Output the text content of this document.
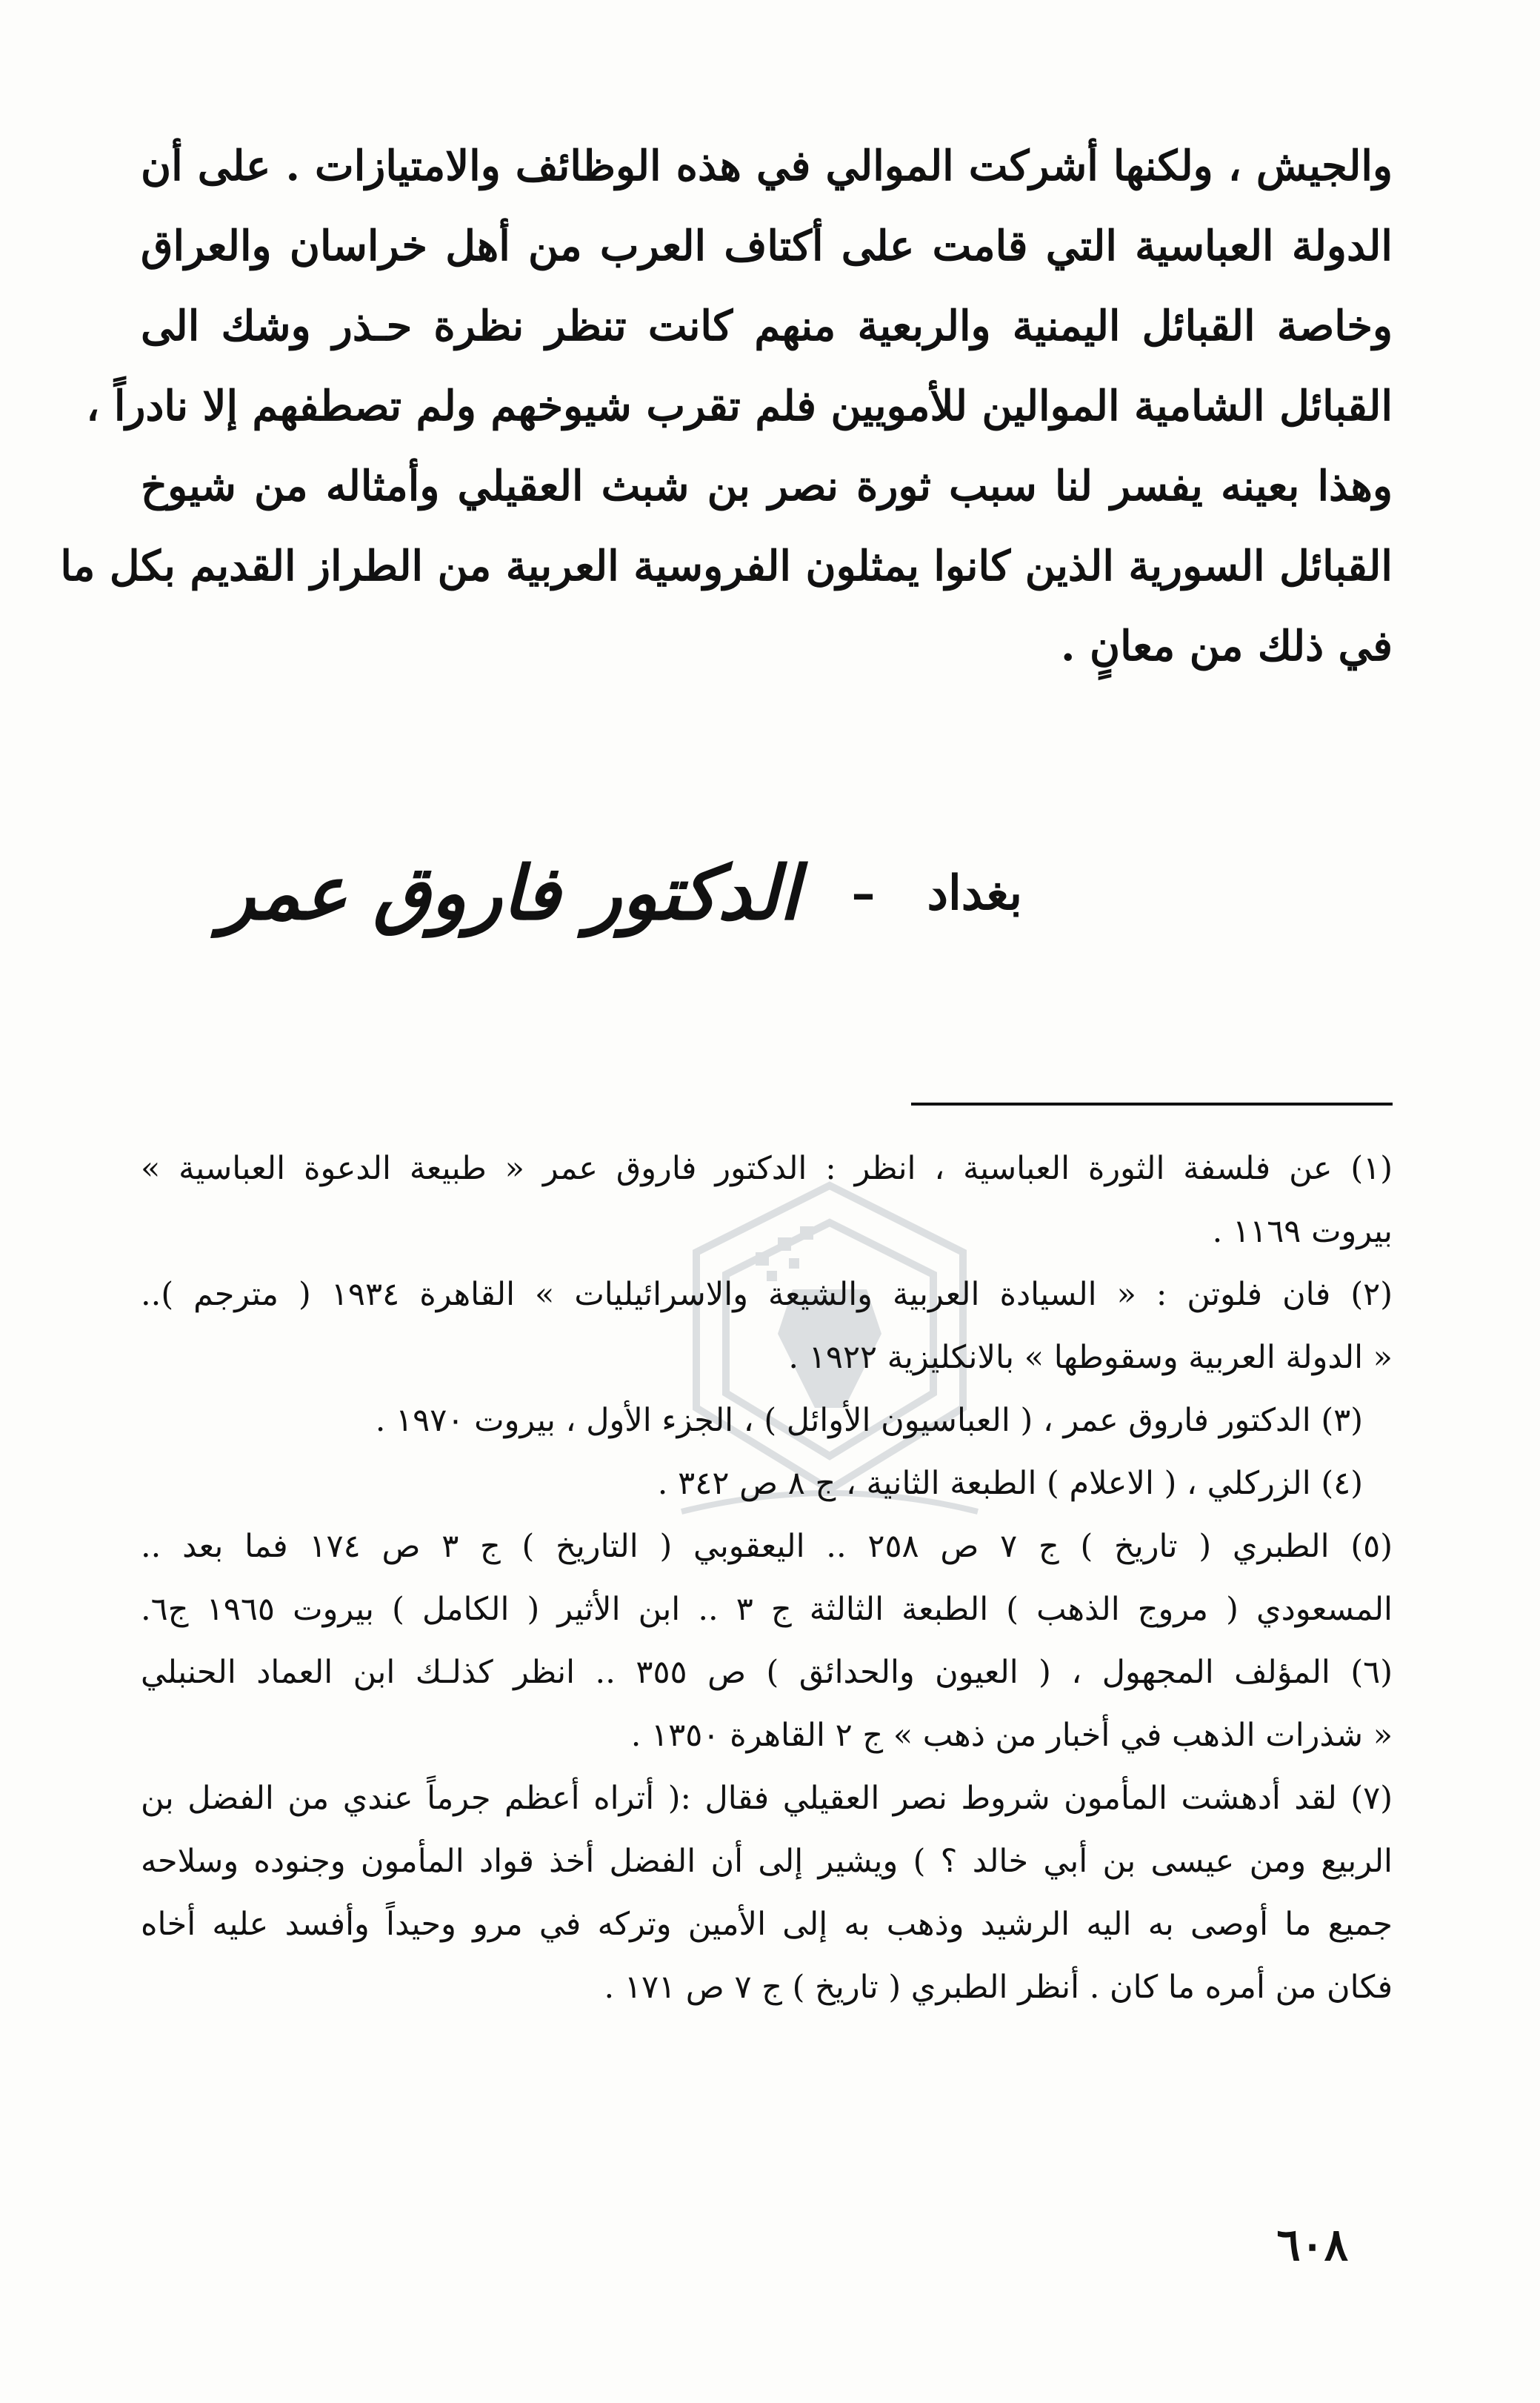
والجيش ، ولكنها أشركت الموالي في هذه الوظائف والامتيازات . على أن
الدولة العباسية التي قامت على أكتاف العرب من أهل خراسان والعراق
وخاصة القبائل اليمنية والربعية منهم كانت تنظر نظرة حـذر وشك الى
القبائل الشامية الموالين للأمويين فلم تقرب شيوخهم ولم تصطفهم إلا نادراً ،
وهذا بعينه يفسر لنا سبب ثورة نصر بن شبث العقيلي وأمثاله من شيوخ
القبائل السورية الذين كانوا يمثلون الفروسية العربية من الطراز القديم بكل ما
في ذلك من معانٍ .
بغداد
–
الدكتور فاروق عمر
(١) عن فلسفة الثورة العباسية ، انظر : الدكتور فاروق عمر « طبيعة الدعوة العباسية »
بيروت ١١٦٩ .
(٢) فان فلوتن : « السيادة العربية والشيعة والاسرائيليات » القاهرة ١٩٣٤ ( مترجم )..
« الدولة العربية وسقوطها » بالانكليزية ١٩٢٢ .
(٣) الدكتور فاروق عمر ، ( العباسيون الأوائل ) ، الجزء الأول ، بيروت ١٩٧٠ .
(٤) الزركلي ، ( الاعلام ) الطبعة الثانية ، ج ٨ ص ٣٤٢ .
(٥) الطبري ( تاريخ ) ج ٧ ص ٢٥٨ .. اليعقوبي ( التاريخ ) ج ٣ ص ١٧٤ فما بعد ..
المسعودي ( مروج الذهب ) الطبعة الثالثة ج ٣ .. ابن الأثير ( الكامل ) بيروت ١٩٦٥ ج٦.
(٦) المؤلف المجهول ، ( العيون والحدائق ) ص ٣٥٥ .. انظر كذلـك ابن العماد الحنبلي
« شذرات الذهب في أخبار من ذهب » ج ٢ القاهرة ١٣٥٠ .
(٧) لقد أدهشت المأمون شروط نصر العقيلي فقال :( أتراه أعظم جرماً عندي من الفضل بن
الربيع ومن عيسى بن أبي خالد ؟ ) ويشير إلى أن الفضل أخذ قواد المأمون وجنوده وسلاحه
جميع ما أوصى به اليه الرشيد وذهب به إلى الأمين وتركه في مرو وحيداً وأفسد عليه أخاه
فكان من أمره ما كان . أنظر الطبري ( تاريخ ) ج ٧ ص ١٧١ .
٦٠٨
